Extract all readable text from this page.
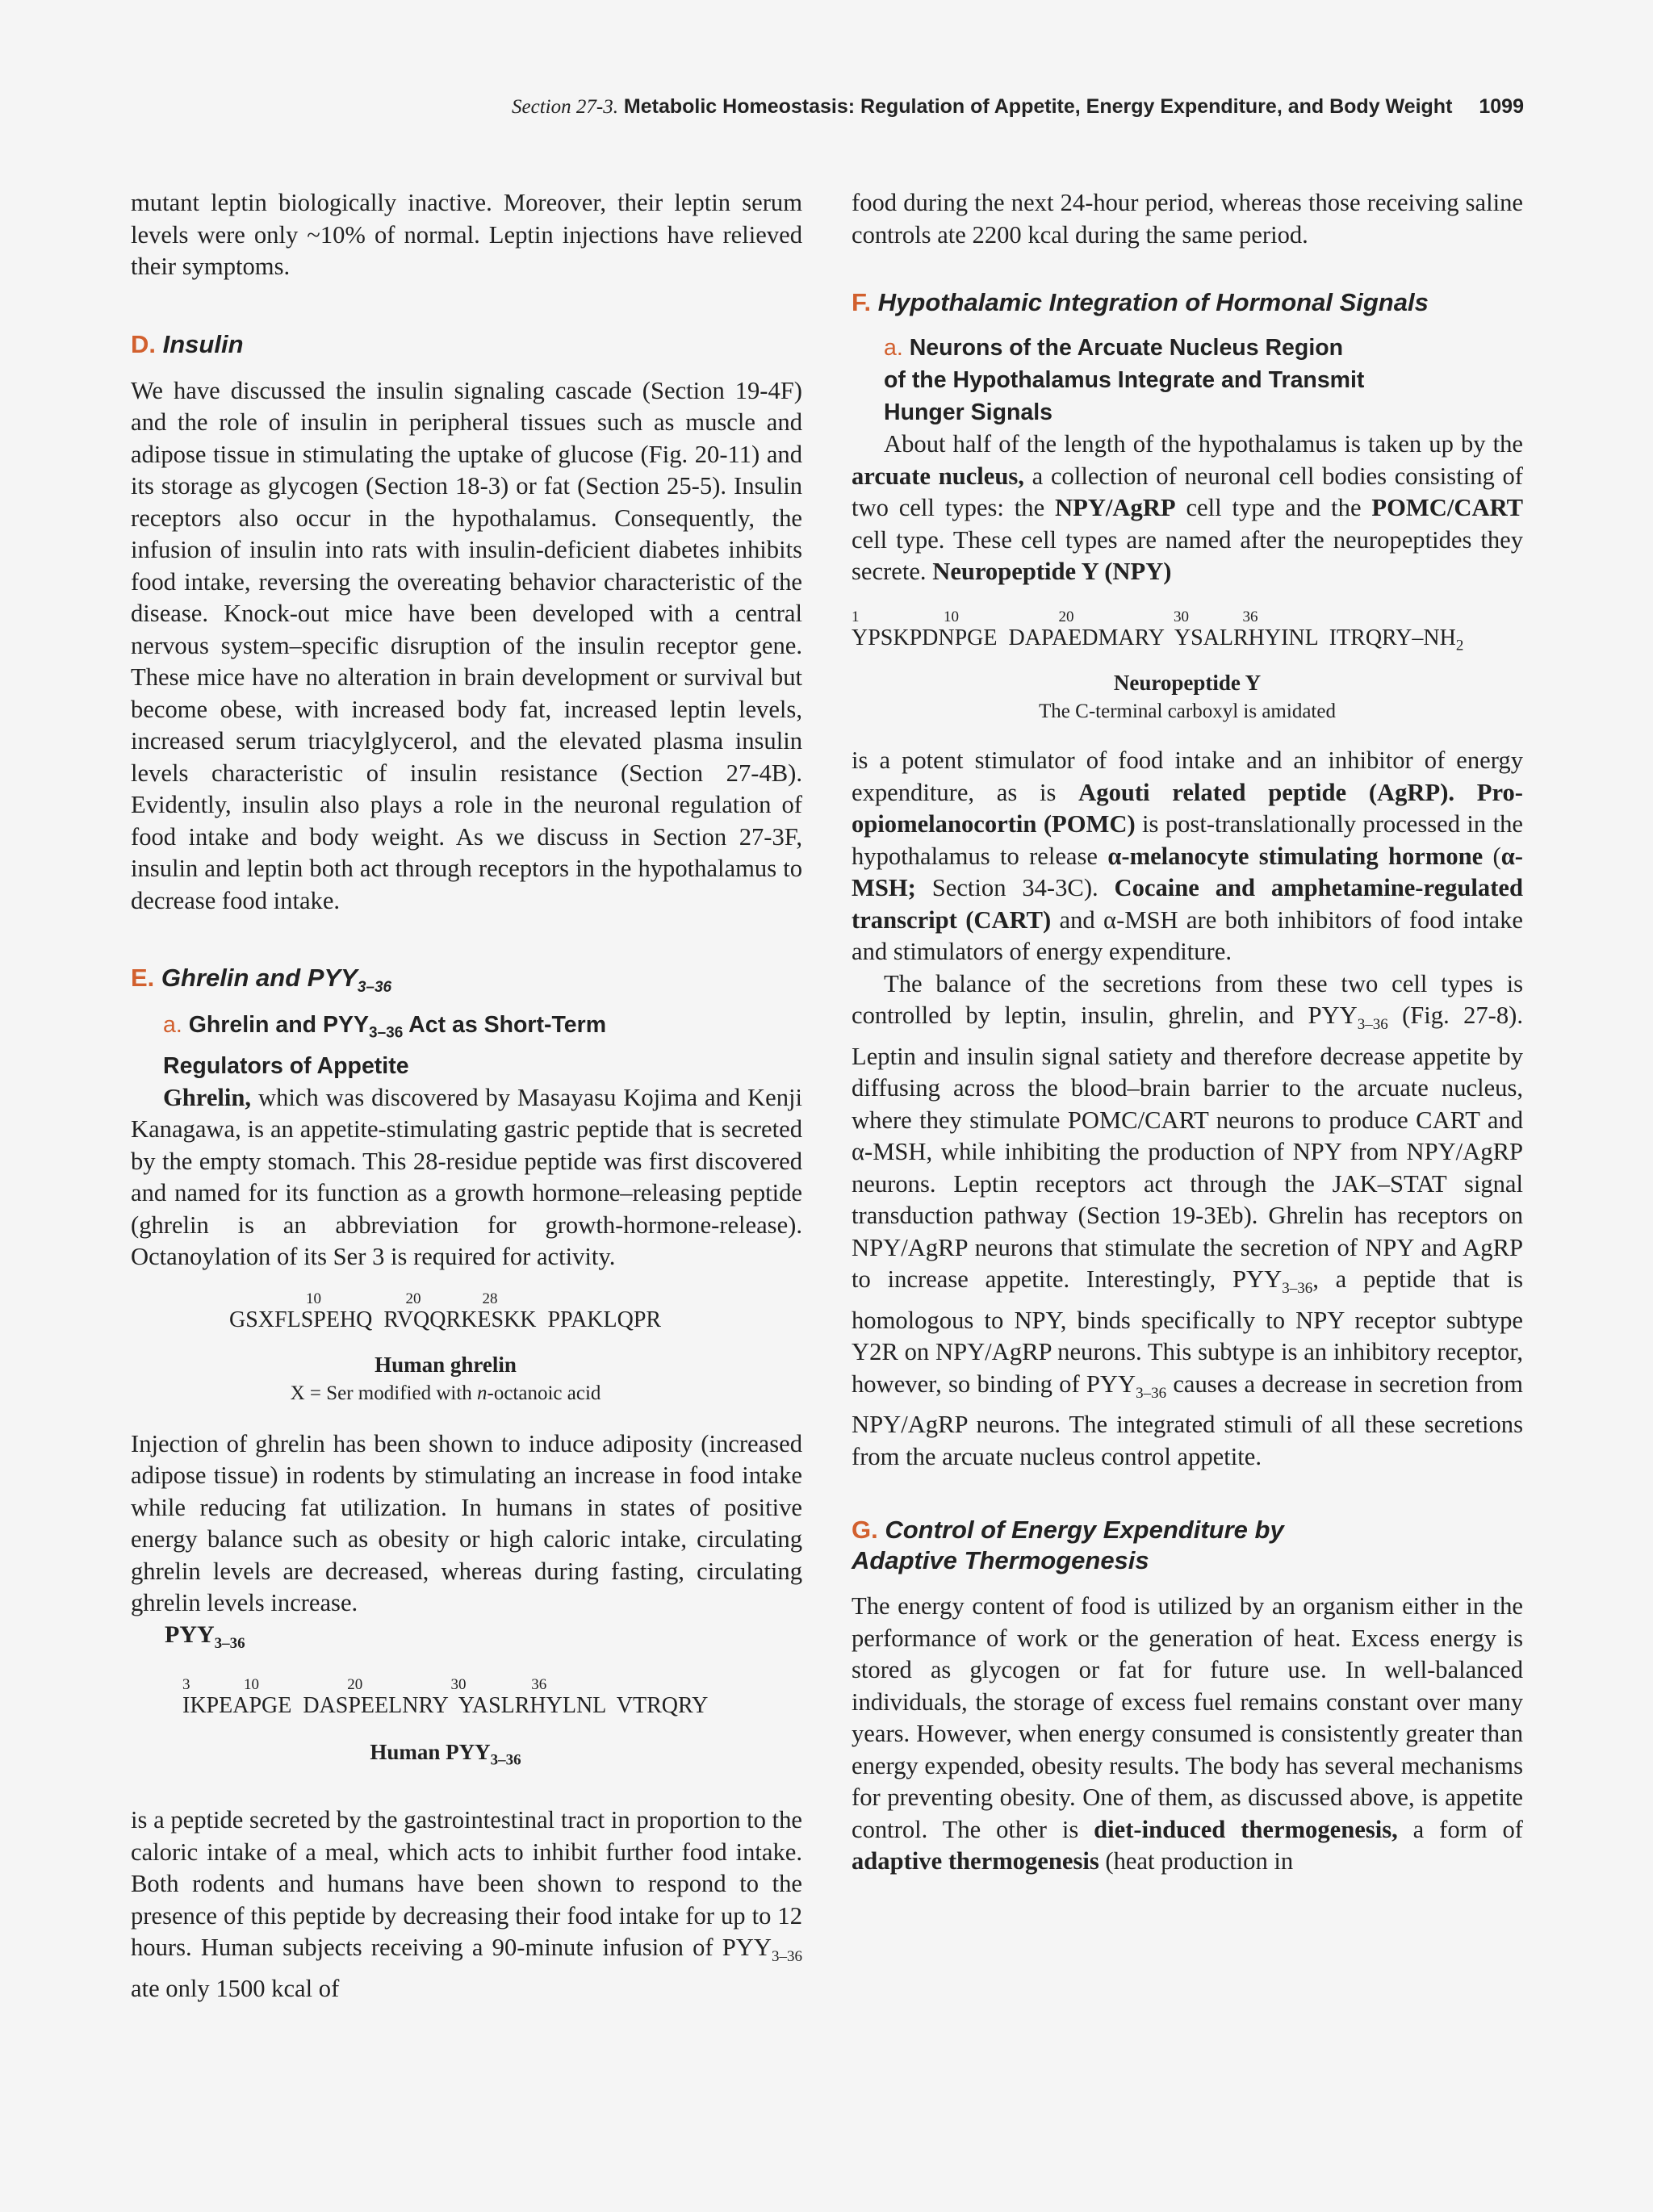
Section 27-3. Metabolic Homeostasis: Regulation of Appetite, Energy Expenditure, and Body Weight 1099

mutant leptin biologically inactive. Moreover, their leptin serum levels were only ~10% of normal. Leptin injections have relieved their symptoms.

D. Insulin

We have discussed the insulin signaling cascade (Section 19-4F) and the role of insulin in peripheral tissues such as muscle and adipose tissue in stimulating the uptake of glucose (Fig. 20-11) and its storage as glycogen (Section 18-3) or fat (Section 25-5). Insulin receptors also occur in the hypothalamus. Consequently, the infusion of insulin into rats with insulin-deficient diabetes inhibits food intake, reversing the overeating behavior characteristic of the disease. Knock-out mice have been developed with a central nervous system–specific disruption of the insulin receptor gene. These mice have no alteration in brain development or survival but become obese, with increased body fat, increased leptin levels, increased serum triacylglycerol, and the elevated plasma insulin levels characteristic of insulin resistance (Section 27-4B). Evidently, insulin also plays a role in the neuronal regulation of food intake and body weight. As we discuss in Section 27-3F, insulin and leptin both act through receptors in the hypothalamus to decrease food intake.

E. Ghrelin and $PYY_{3-36}$
a. Ghrelin and $PYY_{3-36}$ Act as Short-Term
Regulators of Appetite

Ghrelin, which was discovered by Masayasu Kojima and Kenji Kanagawa, is an appetite-stimulating gastric peptide that is secreted by the empty stomach. This 28-residue peptide was first discovered and named for its function as a growth hormone–releasing peptide (ghrelin is an abbreviation for growth-hormone-release). Octanoylation of its Ser 3 is required for activity.

10                      20                28
GSXFLSPEHQ  RVQQRKESKK  PPAKLQPR
Human ghrelin
X = Ser modified with n-octanoic acid

Injection of ghrelin has been shown to induce adiposity (increased adipose tissue) in rodents by stimulating an increase in food intake while reducing fat utilization. In humans in states of positive energy balance such as obesity or high caloric intake, circulating ghrelin levels are decreased, whereas during fasting, circulating ghrelin levels increase.

$PYY_{3-36}$
3              10                       20                       30                 36
IKPEAPGE  DASPEELNRY  YASLRHYLNL  VTRQRY
Human $PYY_{3-36}$

is a peptide secreted by the gastrointestinal tract in proportion to the caloric intake of a meal, which acts to inhibit further food intake. Both rodents and humans have been shown to respond to the presence of this peptide by decreasing their food intake for up to 12 hours. Human subjects receiving a 90-minute infusion of $PYY_{3-36}$ ate only 1500 kcal of

food during the next 24-hour period, whereas those receiving saline controls ate 2200 kcal during the same period.

F. Hypothalamic Integration of Hormonal Signals
a. Neurons of the Arcuate Nucleus Region
of the Hypothalamus Integrate and Transmit
Hunger Signals

About half of the length of the hypothalamus is taken up by the arcuate nucleus, a collection of neuronal cell bodies consisting of two cell types: the NPY/AgRP cell type and the POMC/CART cell type. These cell types are named after the neuropeptides they secrete. Neuropeptide Y (NPY)

1                      10                          20                          30              36
YPSKPDNPGE  DAPAEDMARY  YSALRHYINL  ITRQRY–$NH_2$
Neuropeptide Y
The C-terminal carboxyl is amidated

is a potent stimulator of food intake and an inhibitor of energy expenditure, as is Agouti related peptide (AgRP). Pro-opiomelanocortin (POMC) is post-translationally processed in the hypothalamus to release α-melanocyte stimulating hormone (α-MSH; Section 34-3C). Cocaine and amphetamine-regulated transcript (CART) and α-MSH are both inhibitors of food intake and stimulators of energy expenditure.

The balance of the secretions from these two cell types is controlled by leptin, insulin, ghrelin, and $PYY_{3-36}$ (Fig. 27-8). Leptin and insulin signal satiety and therefore decrease appetite by diffusing across the blood–brain barrier to the arcuate nucleus, where they stimulate POMC/CART neurons to produce CART and α-MSH, while inhibiting the production of NPY from NPY/AgRP neurons. Leptin receptors act through the JAK–STAT signal transduction pathway (Section 19-3Eb). Ghrelin has receptors on NPY/AgRP neurons that stimulate the secretion of NPY and AgRP to increase appetite. Interestingly, $PYY_{3-36}$, a peptide that is homologous to NPY, binds specifically to NPY receptor subtype Y2R on NPY/AgRP neurons. This subtype is an inhibitory receptor, however, so binding of $PYY_{3-36}$ causes a decrease in secretion from NPY/AgRP neurons. The integrated stimuli of all these secretions from the arcuate nucleus control appetite.

G. Control of Energy Expenditure by
Adaptive Thermogenesis

The energy content of food is utilized by an organism either in the performance of work or the generation of heat. Excess energy is stored as glycogen or fat for future use. In well-balanced individuals, the storage of excess fuel remains constant over many years. However, when energy consumed is consistently greater than energy expended, obesity results. The body has several mechanisms for preventing obesity. One of them, as discussed above, is appetite control. The other is diet-induced thermogenesis, a form of adaptive thermogenesis (heat production in
